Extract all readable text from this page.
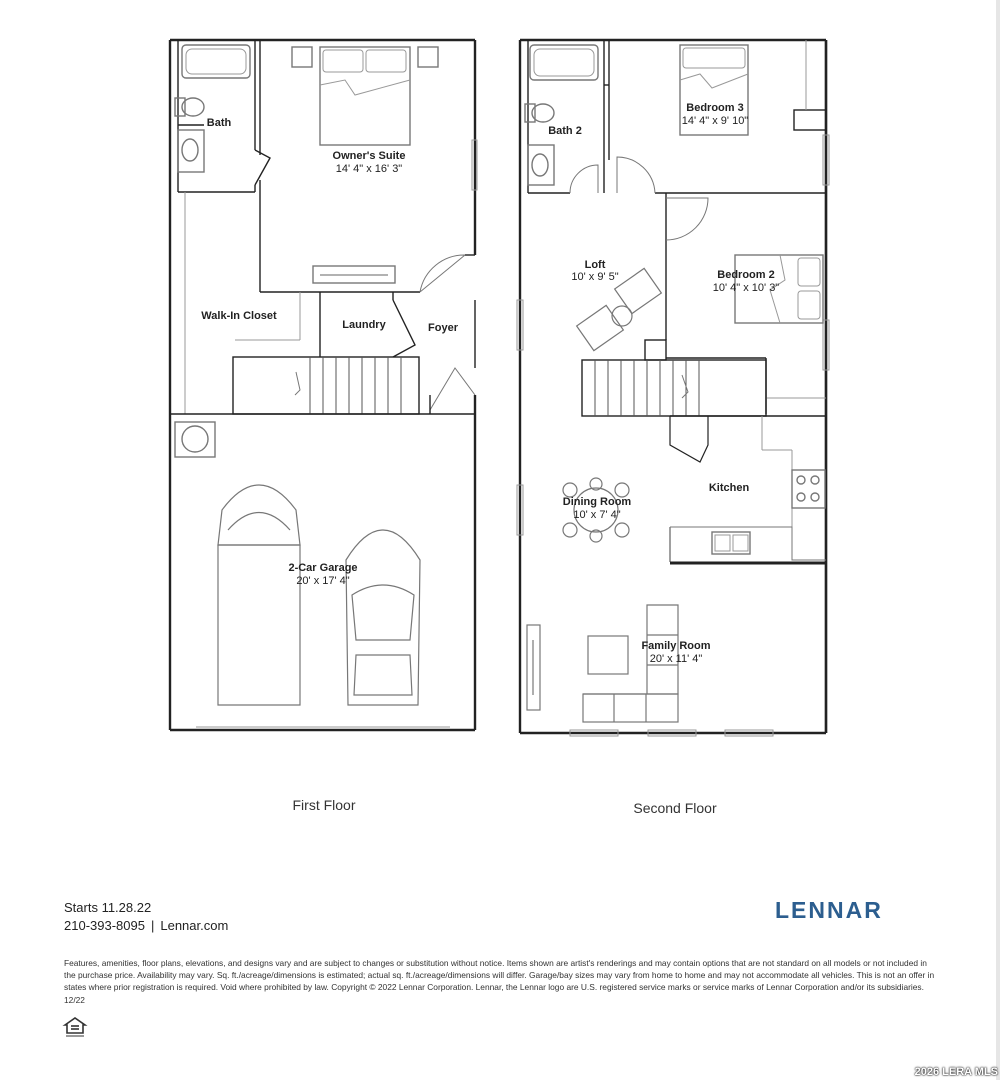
Bath
Owner's Suite
14' 4" x 16' 3"
Walk-In Closet
Laundry	Foyer
2-Car Garage
20' x 17' 4"
Bath 2
Bedroom 3
14' 4" x 9' 10"
Loft
10' x 9' 5"	Bedroom 2
10' 4" x 10' 3"
Kitchen
Dining Room
10' x 7' 4"
Family Room
20' x 11' 4"
First Floor	Second Floor
Starts 11.28.22
210-393-8095 | Lennar.com
LENNAR
Features, amenities, floor plans, elevations, and designs vary and are subject to changes or substitution without notice. Items shown are artist's renderings and may contain options that are not standard on all models or not included in the purchase price. Availability may vary. Sq. ft./acreage/dimensions is estimated; actual sq. ft./acreage/dimensions will differ. Garage/bay sizes may vary from home to home and may not accommodate all vehicles. This is not an offer in states where prior registration is required. Void where prohibited by law. Copyright © 2022 Lennar Corporation. Lennar, the Lennar logo are U.S. registered service marks or service marks of Lennar Corporation and/or its subsidiaries. 12/22
2026 LERA MLS
